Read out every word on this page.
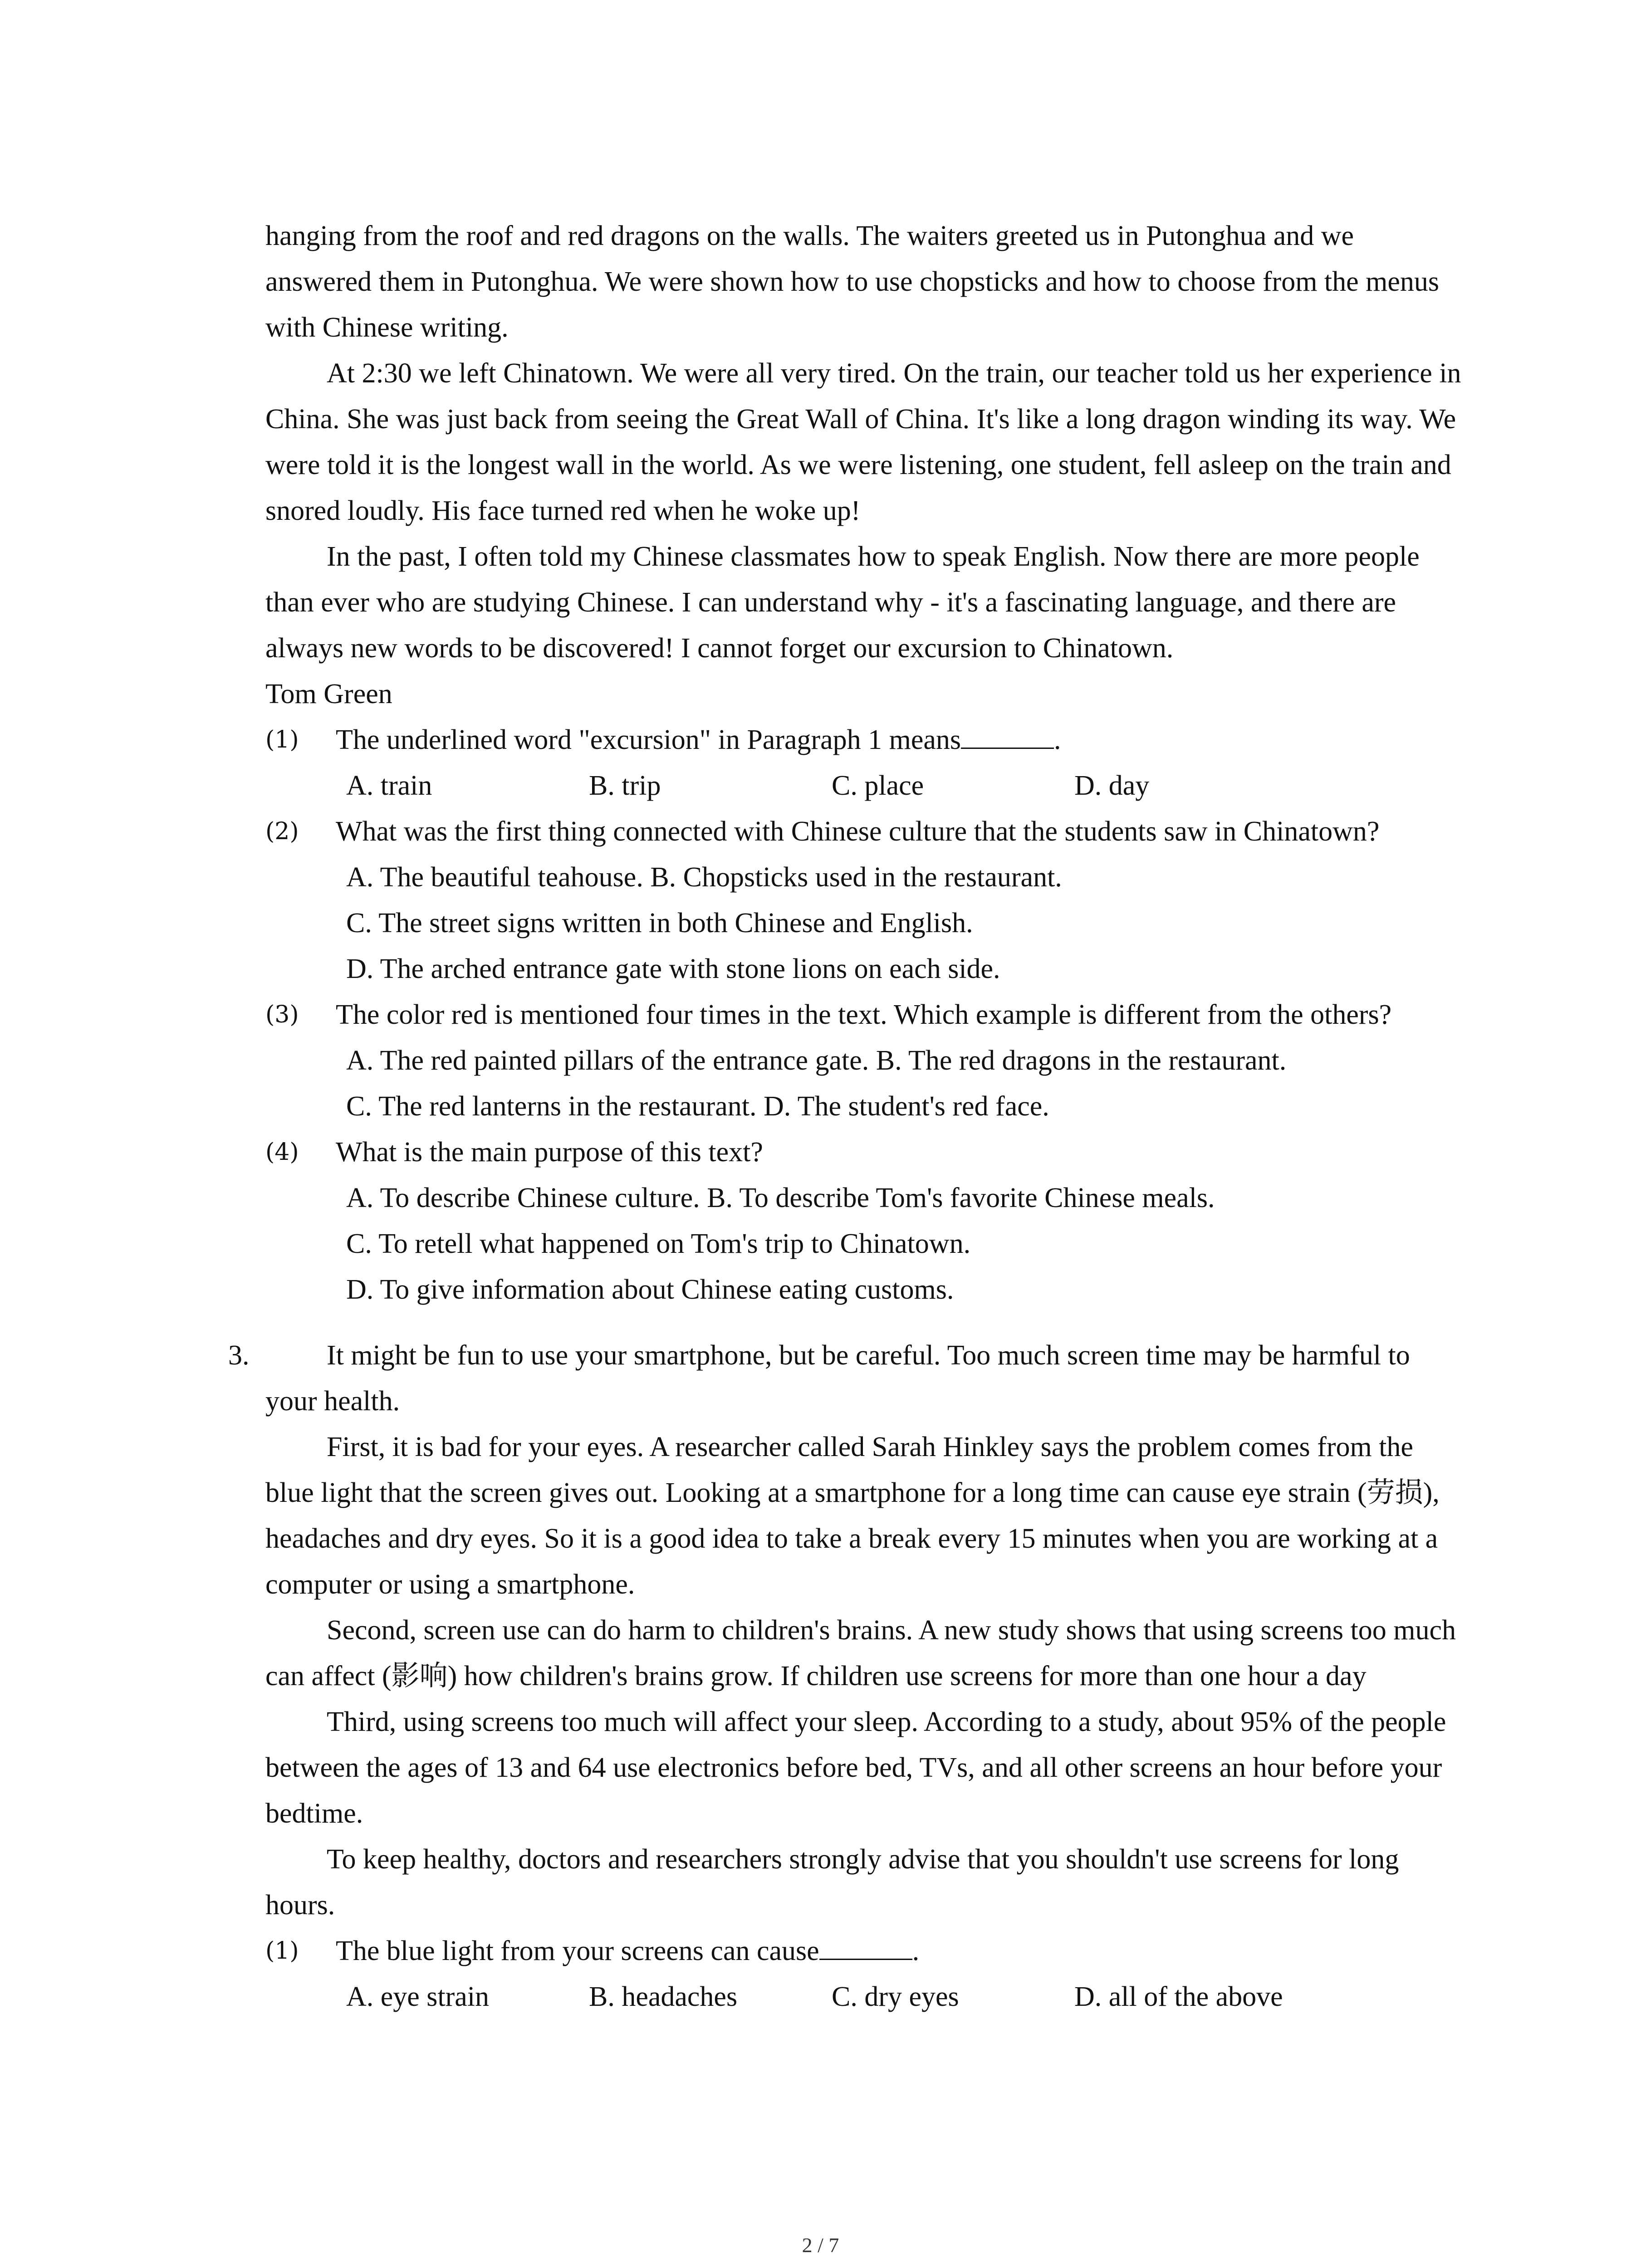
hanging from the roof and red dragons on the walls. The waiters greeted us in Putonghua and we answered them in Putonghua. We were shown how to use chopsticks and how to choose from the menus with Chinese writing.

At 2:30 we left Chinatown. We were all very tired. On the train, our teacher told us her experience in China. She was just back from seeing the Great Wall of China. It's like a long dragon winding its way. We were told it is the longest wall in the world. As we were listening, one student, fell asleep on the train and snored loudly. His face turned red when he woke up!

In the past, I often told my Chinese classmates how to speak English. Now there are more people than ever who are studying Chinese. I can understand why - it's a fascinating language, and there are always new words to be discovered! I cannot forget our excursion to Chinatown.

Tom Green

(1) The underlined word "excursion" in Paragraph 1 means	.
A. train	B. trip	C. place	D. day
(2) What was the first thing connected with Chinese culture that the students saw in Chinatown?

A. The beautiful teahouse. B. Chopsticks used in the restaurant.

C. The street signs written in both Chinese and English.

D. The arched entrance gate with stone lions on each side.

(3) The color red is mentioned four times in the text. Which example is different from the others?

A. The red painted pillars of the entrance gate. B. The red dragons in the restaurant.

C. The red lanterns in the restaurant. D. The student's red face.

(4) What is the main purpose of this text?

A. To describe Chinese culture. B. To describe Tom's favorite Chinese meals.

C. To retell what happened on Tom's trip to Chinatown.

D. To give information about Chinese eating customs.

3.	It might be fun to use your smartphone, but be careful. Too much screen time may be harmful to your health.

First, it is bad for your eyes. A researcher called Sarah Hinkley says the problem comes from the blue light that the screen gives out. Looking at a smartphone for a long time can cause eye strain (劳损), headaches and dry eyes. So it is a good idea to take a break every 15 minutes when you are working at a computer or using a smartphone.

Second, screen use can do harm to children's brains. A new study shows that using screens too much can affect (影响) how children's brains grow. If children use screens for more than one hour a day

Third, using screens too much will affect your sleep. According to a study, about 95% of the people between the ages of 13 and 64 use electronics before bed, TVs, and all other screens an hour before your bedtime.

To keep healthy, doctors and researchers strongly advise that you shouldn't use screens for long hours.

(1) The blue light from your screens can cause	.
A. eye strain	B. headaches	C. dry eyes	D. all of the above
2 / 7
